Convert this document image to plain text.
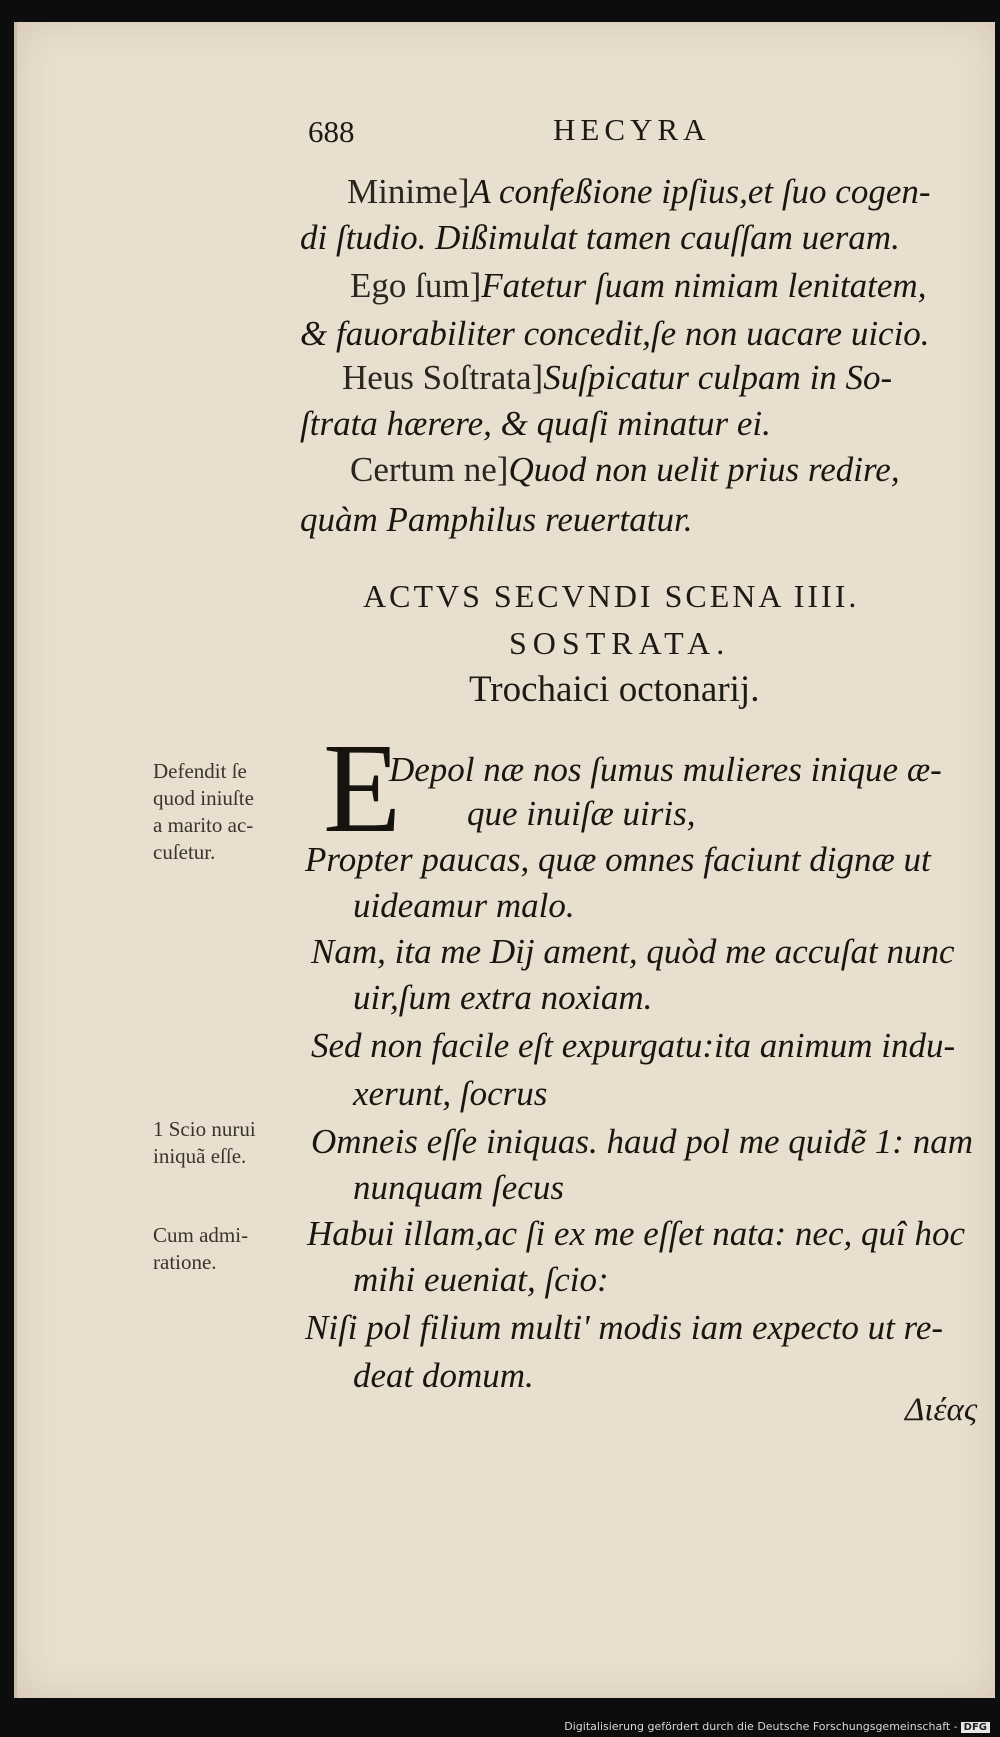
688	HECYRA
Minime]A confeßione ipſius,et ſuo cogen-
di ſtudio. Dißimulat tamen cauſſam ueram.
Ego ſum]Fatetur ſuam nimiam lenitatem,
& fauorabiliter concedit,ſe non uacare uicio.
Heus Soſtrata]Suſpicatur culpam in So-
ſtrata hærere, & quaſi minatur ei.
Certum ne]Quod non uelit prius redire,
quàm Pamphilus reuertatur.
ACTVS SECVNDI SCENA IIII.
SOSTRATA.
Trochaici octonarij.
E
Depol næ nos ſumus mulieres inique æ-
que inuiſæ uiris,
Propter paucas, quæ omnes faciunt dignæ ut
uideamur malo.
Nam, ita me Dij ament, quòd me accuſat nunc
uir,ſum extra noxiam.
Sed non facile eſt expurgatu:ita animum indu-
xerunt, ſocrus
Omneis eſſe iniquas. haud pol me quidẽ 1: nam
nunquam ſecus
Habui illam,ac ſi ex me eſſet nata: nec, quî hoc
mihi eueniat, ſcio:
Niſi pol filium multi' modis iam expecto ut re-
deat domum.
Defendit ſe
quod iniuſte
a marito ac-
cuſetur.
1 Scio nurui
iniquã eſſe.
Cum admi-
ratione.
Διέας
Digitalisierung gefördert durch die Deutsche Forschungsgemeinschaft - DFG
